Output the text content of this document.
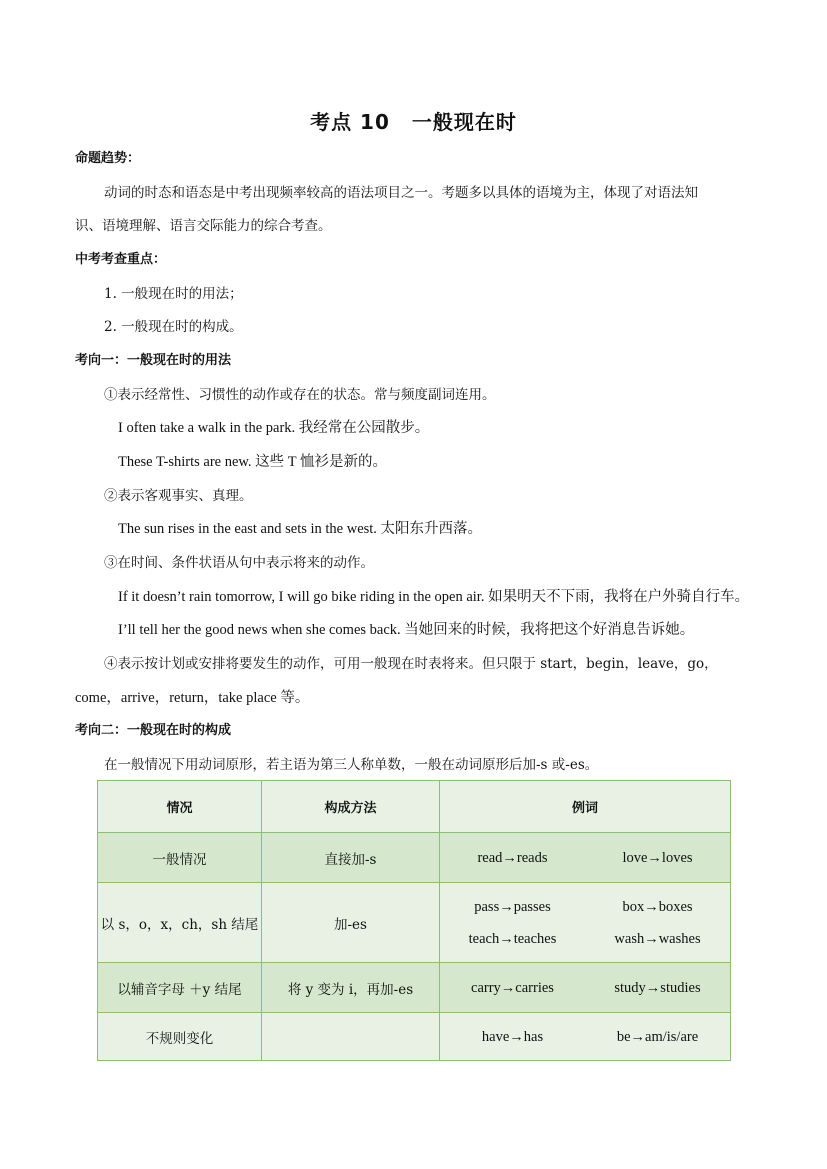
考点 10 一般现在时
命题趋势：
动词的时态和语态是中考出现频率较高的语法项目之一。考题多以具体的语境为主，体现了对语法知
识、语境理解、语言交际能力的综合考查。
中考考查重点：
1. 一般现在时的用法；
2. 一般现在时的构成。
考向一：一般现在时的用法
①表示经常性、习惯性的动作或存在的状态。常与频度副词连用。
I often take a walk in the park. 我经常在公园散步。
These T-shirts are new. 这些 T 恤衫是新的。
②表示客观事实、真理。
The sun rises in the east and sets in the west. 太阳东升西落。
③在时间、条件状语从句中表示将来的动作。
If it doesn’t rain tomorrow, I will go bike riding in the open air. 如果明天不下雨，我将在户外骑自行车。
I’ll tell her the good news when she comes back. 当她回来的时候，我将把这个好消息告诉她。
④表示按计划或安排将要发生的动作，可用一般现在时表将来。但只限于 start，begin，leave，go，
come，arrive，return，take place 等。
考向二：一般现在时的构成
在一般情况下用动词原形，若主语为第三人称单数，一般在动词原形后加-s 或-es。
情况	构成方法	例词
一般情况	直接加-s	read→reads love→loves

以 s，o，x，ch，sh 结尾	加-es	pass→passes box→boxes
teach→teaches wash→washes

以辅音字母 ＋y 结尾	将 y 变为 i，再加-es	carry→carries study→studies

不规则变化		have→has be→am/is/are
